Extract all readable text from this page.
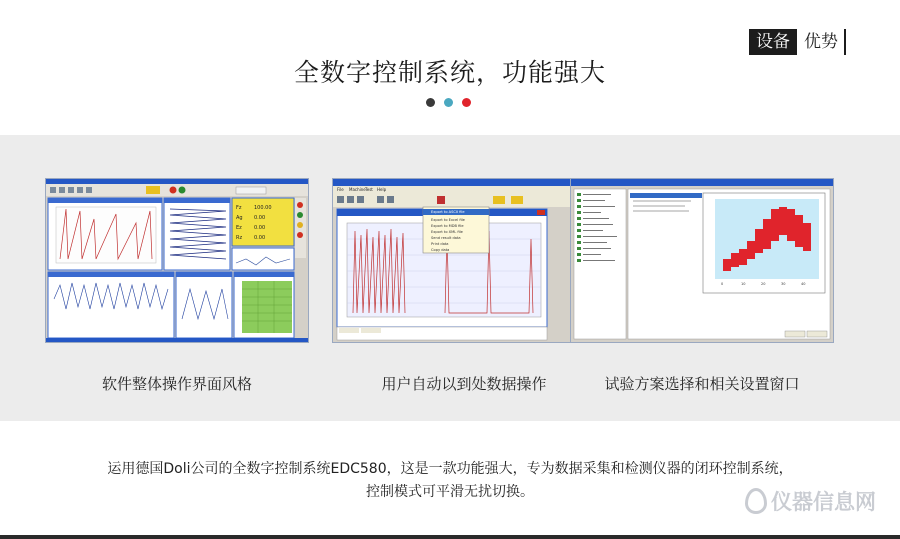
设备 优势
全数字控制系统，功能强大
Fz 100.00
Ag 0.00
Ez 0.00
Rz 0.00
File Machine Test Help
Export to ASCII file
Export to Excel file
Export to MDB file
Export to XML file
Send result data
Print data
Copy data
0	10	20	30	40
软件整体操作界面风格	用户自动以到处数据操作	试验方案选择和相关设置窗口
运用德国Doli公司的全数字控制系统EDC580，这是一款功能强大，专为数据采集和检测仪器的闭环控制系统，
控制模式可平滑无扰切换。	仪器信息网
